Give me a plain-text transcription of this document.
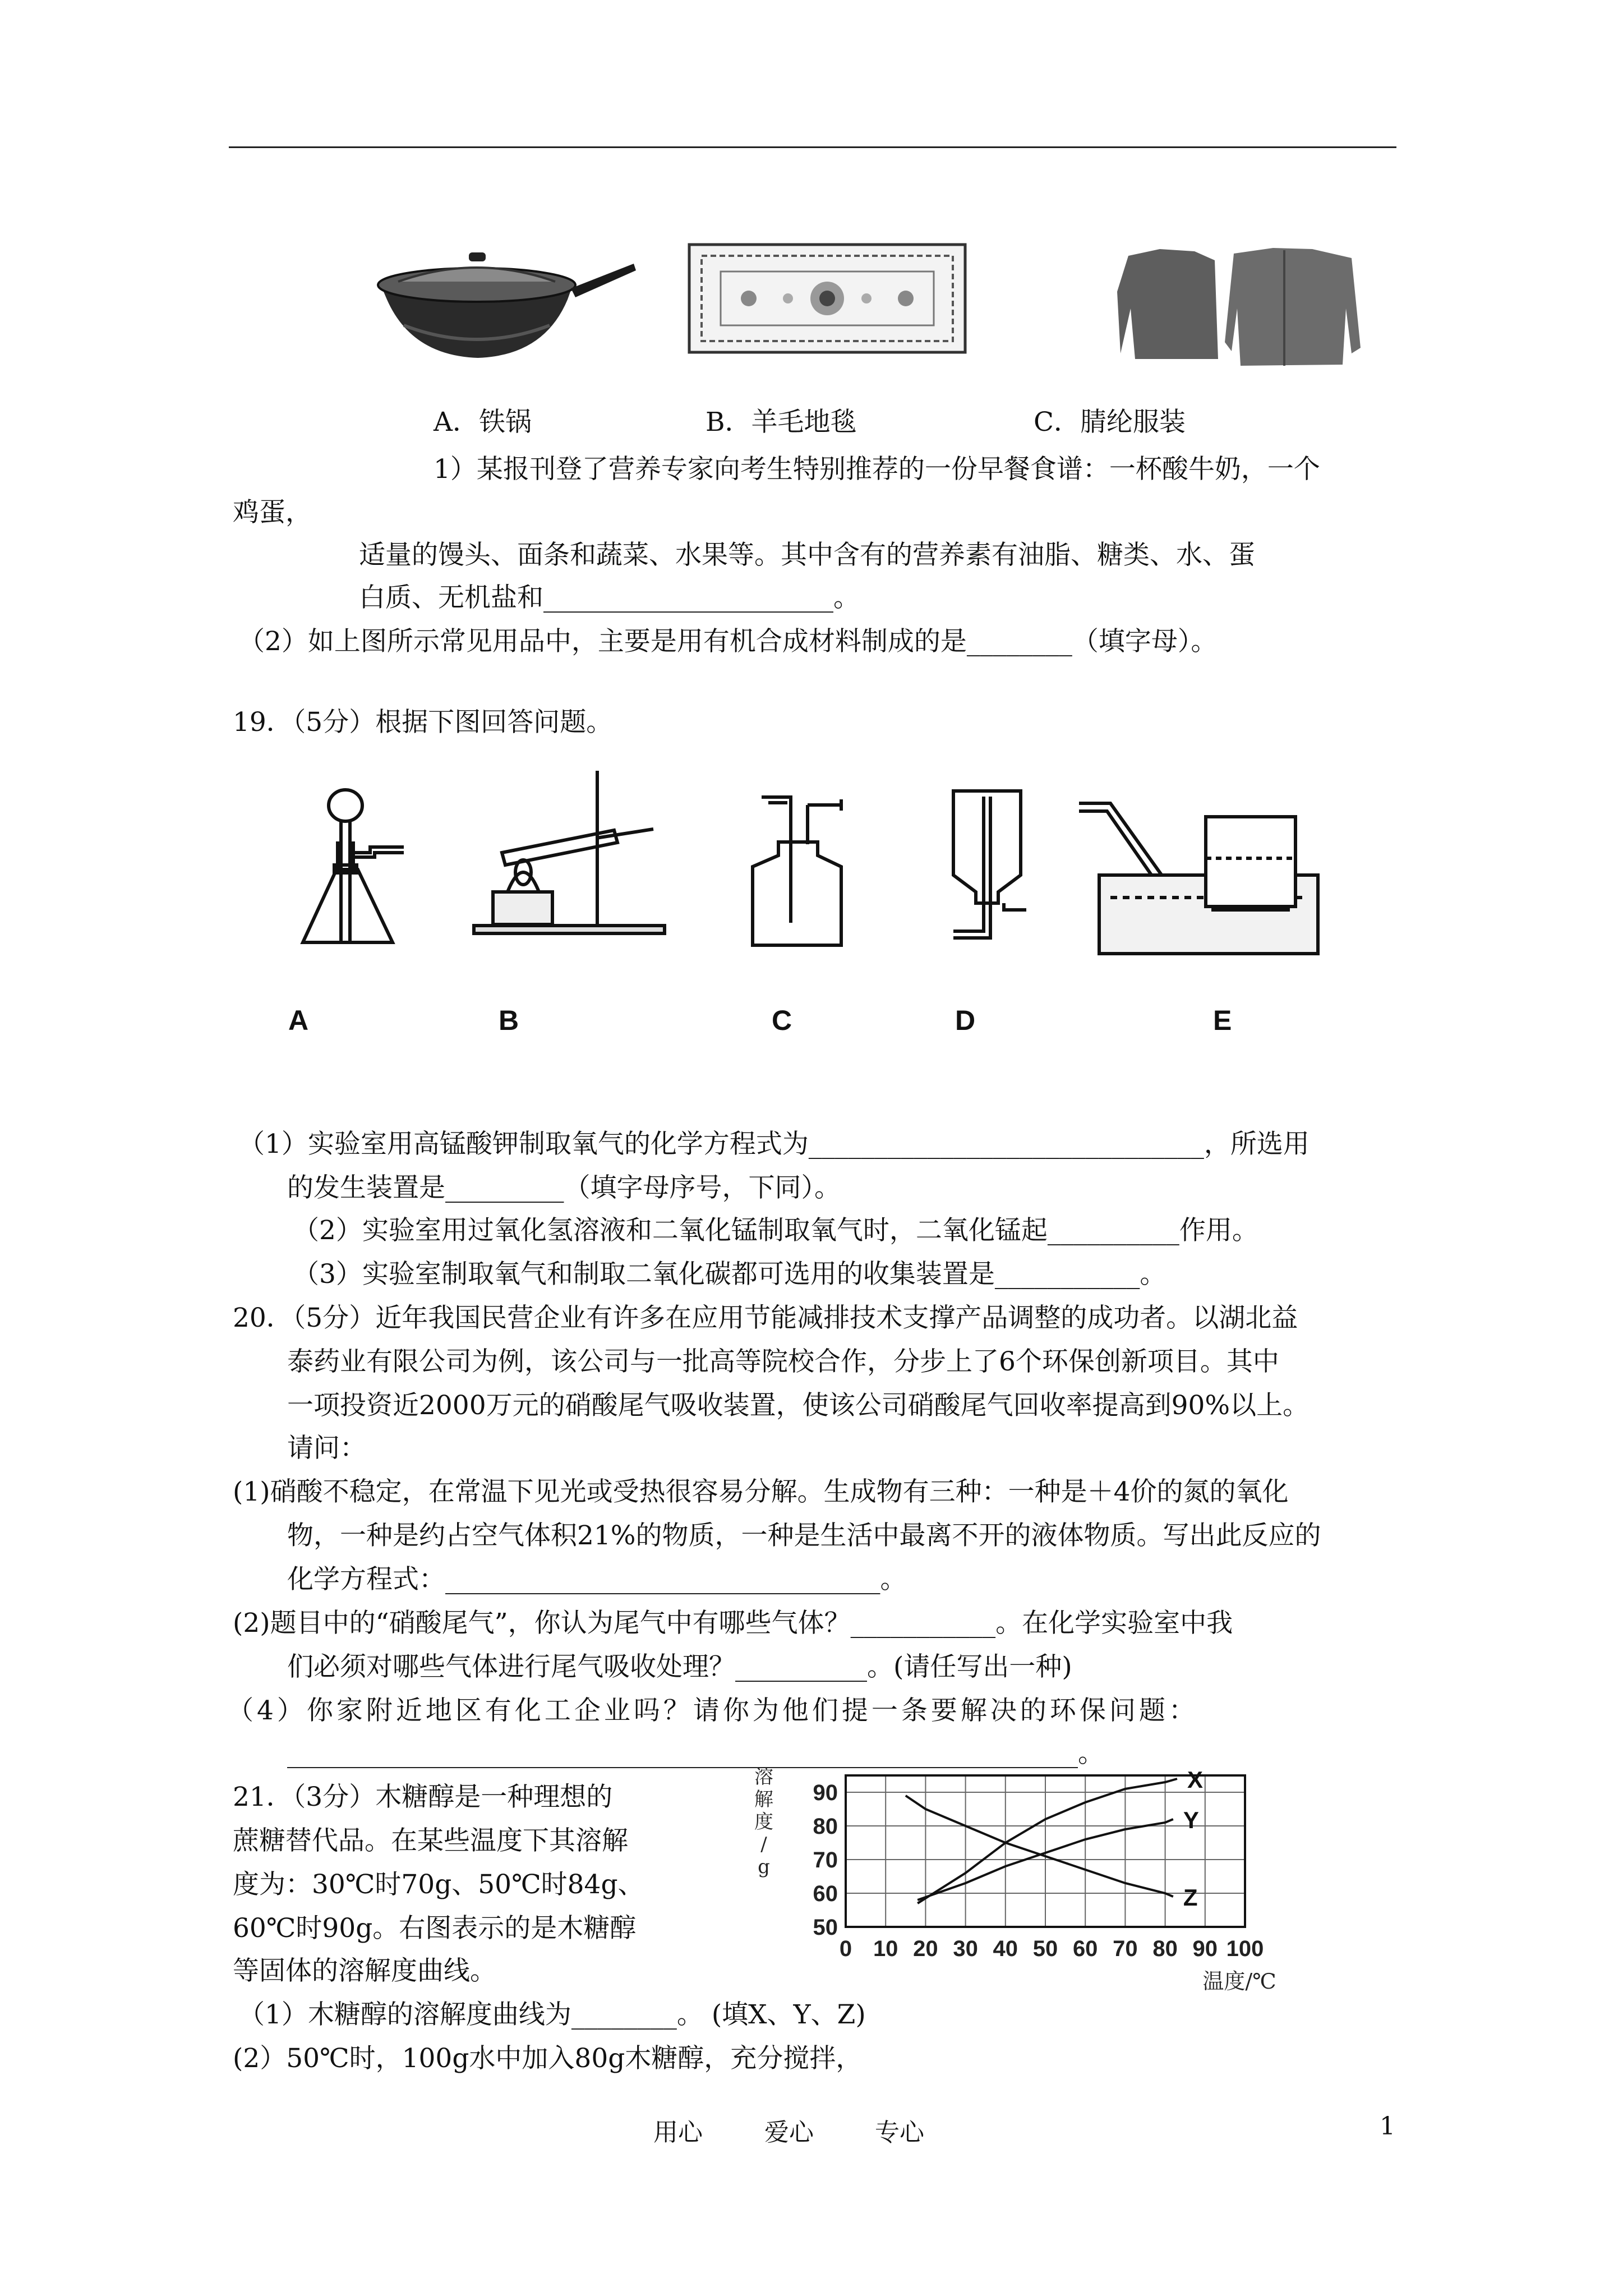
A．铁锅	B．羊毛地毯	C．腈纶服装
1）某报刊登了营养专家向考生特别推荐的一份早餐食谱：一杯酸牛奶，一个
鸡蛋，
适量的馒头、面条和蔬菜、水果等。其中含有的营养素有油脂、糖类、水、蛋
白质、无机盐和______________________。
（2）如上图所示常见用品中，主要是用有机合成材料制成的是________（填字母）。
19．（5分）根据下图回答问题。
A	B	C	D	E
（1）实验室用高锰酸钾制取氧气的化学方程式为______________________________，所选用
的发生装置是_________（填字母序号，下同）。
（2）实验室用过氧化氢溶液和二氧化锰制取氧气时，二氧化锰起__________作用。
（3）实验室制取氧气和制取二氧化碳都可选用的收集装置是___________。
20．（5分）近年我国民营企业有许多在应用节能减排技术支撑产品调整的成功者。以湖北益
泰药业有限公司为例，该公司与一批高等院校合作，分步上了6个环保创新项目。其中
一项投资近2000万元的硝酸尾气吸收装置，使该公司硝酸尾气回收率提高到90%以上。
请问：
(1)硝酸不稳定，在常温下见光或受热很容易分解。生成物有三种：一种是＋4价的氮的氧化
物，一种是约占空气体积21%的物质，一种是生活中最离不开的液体物质。写出此反应的
化学方程式：_________________________________。
(2)题目中的“硝酸尾气”，你认为尾气中有哪些气体？___________。在化学实验室中我
们必须对哪些气体进行尾气吸收处理？__________。(请任写出一种)
（4）你家附近地区有化工企业吗？请你为他们提一条要解决的环保问题：
____________________________________________________________。
21．（3分）木糖醇是一种理想的
蔗糖替代品。在某些温度下其溶解
度为：30℃时70g、50℃时84g、
60℃时90g。右图表示的是木糖醇
等固体的溶解度曲线。
（1）木糖醇的溶解度曲线为________。 (填X、Y、Z)
(2）50℃时，100g水中加入80g木糖醇，充分搅拌，
0 10 20 30 40 50 60 70 80 90 100
50
60
70
80
90
溶
解
度
/
g
温度/℃
X
Y
Z
用心	爱心 专心	1
